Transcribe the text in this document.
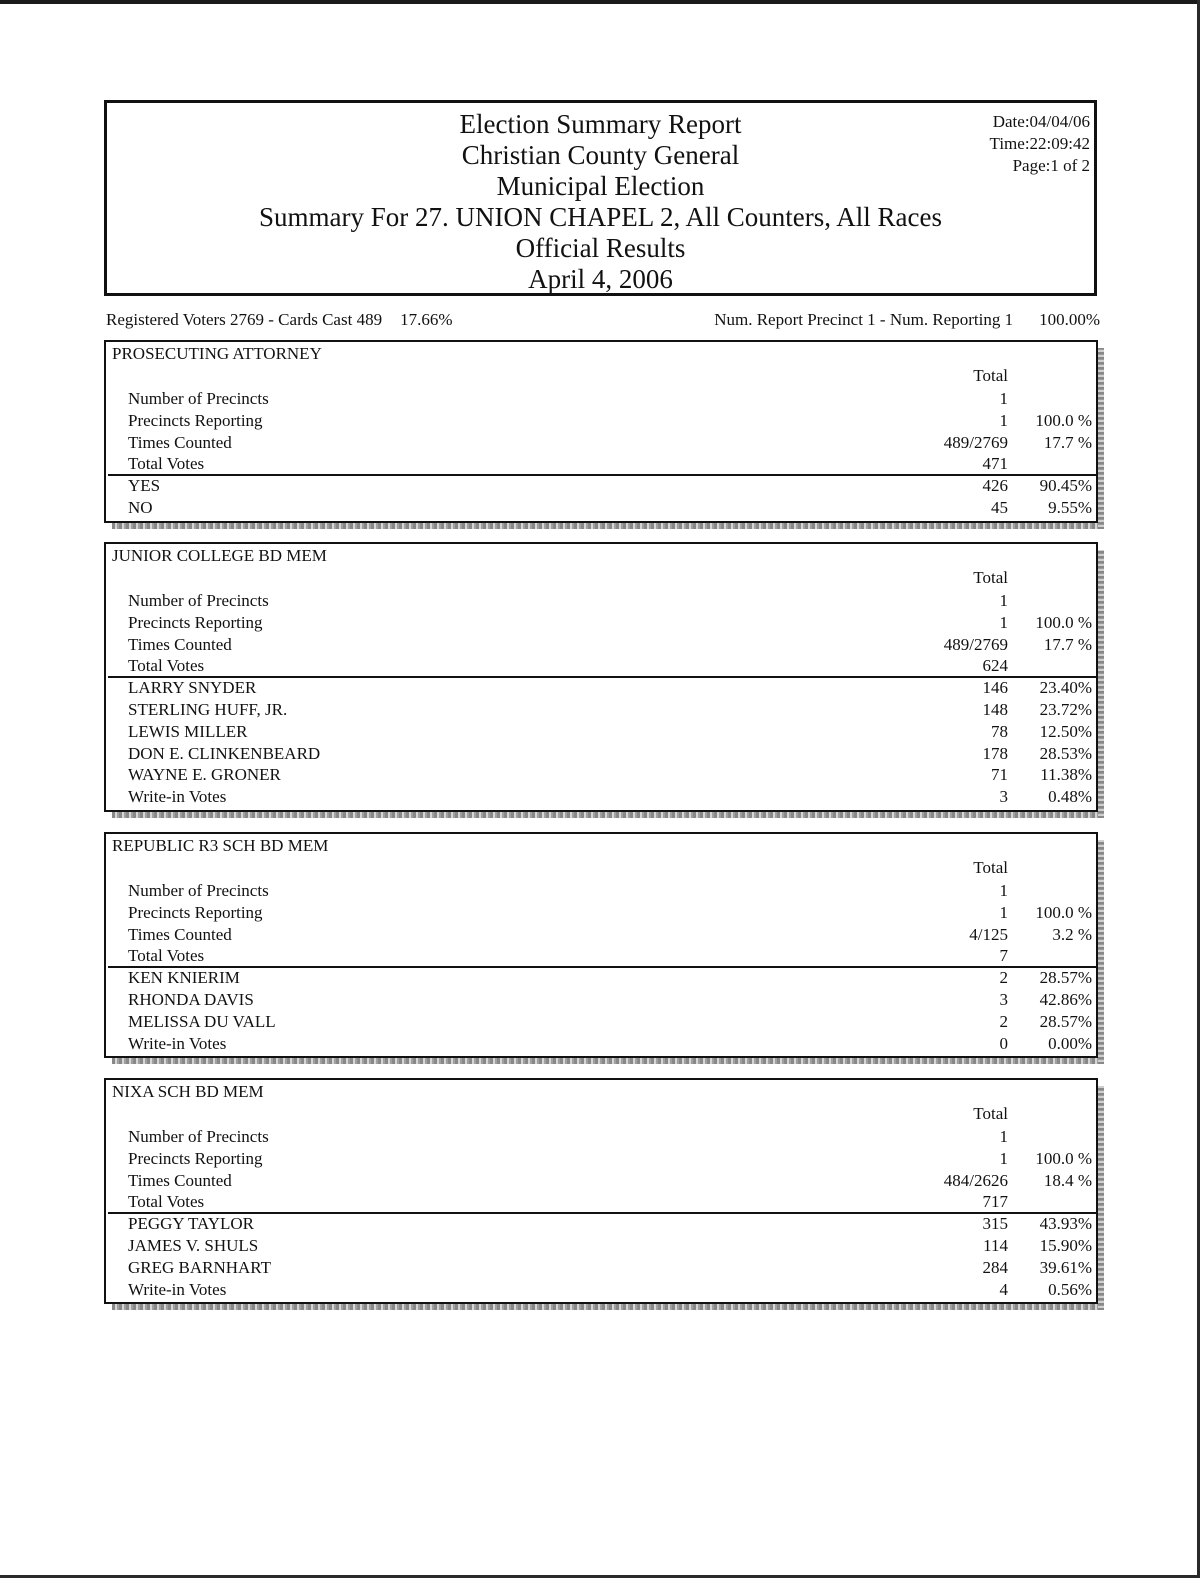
Election Summary Report
Christian County General
Municipal Election
Summary For 27. UNION CHAPEL 2, All Counters, All Races
Official Results
April 4, 2006
Date:04/04/06
Time:22:09:42
Page:1 of 2
Registered Voters 2769 - Cards Cast 489 17.66%	Num. Report Precinct 1 - Num. Reporting 1 100.00%
PROSECUTING ATTORNEY
Total
Number of Precincts	1
Precincts Reporting	1 100.0 %
Times Counted	489/2769 17.7 %
Total Votes	471
YES	426 90.45%
NO	45 9.55%
JUNIOR COLLEGE BD MEM
Total
Number of Precincts	1
Precincts Reporting	1 100.0 %
Times Counted	489/2769 17.7 %
Total Votes	624
LARRY SNYDER	146 23.40%
STERLING HUFF, JR.	148 23.72%
LEWIS MILLER	78 12.50%
DON E. CLINKENBEARD	178 28.53%
WAYNE E. GRONER	71 11.38%
Write-in Votes	3 0.48%
REPUBLIC R3 SCH BD MEM
Total
Number of Precincts	1
Precincts Reporting	1 100.0 %
Times Counted	4/125	3.2 %
Total Votes	7
KEN KNIERIM	2 28.57%
RHONDA DAVIS	3 42.86%
MELISSA DU VALL	2 28.57%
Write-in Votes	0 0.00%
NIXA SCH BD MEM
Total
Number of Precincts	1
Precincts Reporting	1 100.0 %
Times Counted	484/2626 18.4 %
Total Votes	717
PEGGY TAYLOR	315 43.93%
JAMES V. SHULS	114 15.90%
GREG BARNHART	284 39.61%
Write-in Votes	4 0.56%
